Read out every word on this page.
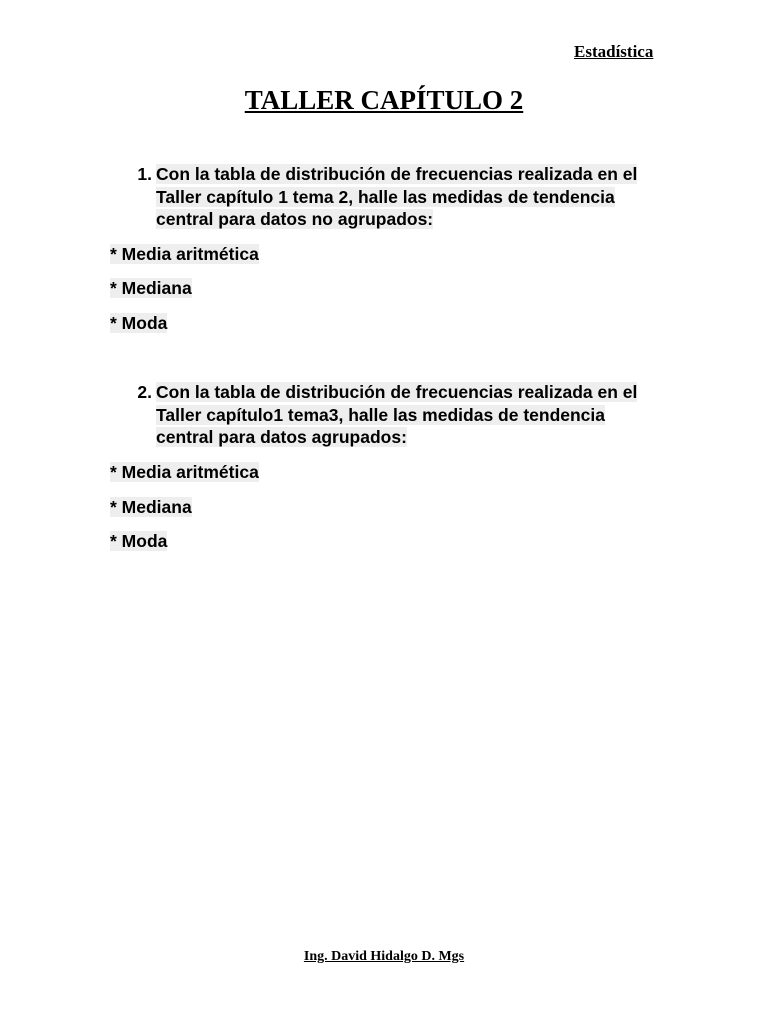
Estadística
TALLER CAPÍTULO 2
1. Con la tabla de distribución de frecuencias realizada en el Taller capítulo 1 tema 2, halle las medidas de tendencia central para datos no agrupados:
* Media aritmética
* Mediana
* Moda
2. Con la tabla de distribución de frecuencias realizada en el Taller capítulo1 tema3, halle las medidas de tendencia central para datos agrupados:
* Media aritmética
* Mediana
* Moda
Ing. David Hidalgo D. Mgs
